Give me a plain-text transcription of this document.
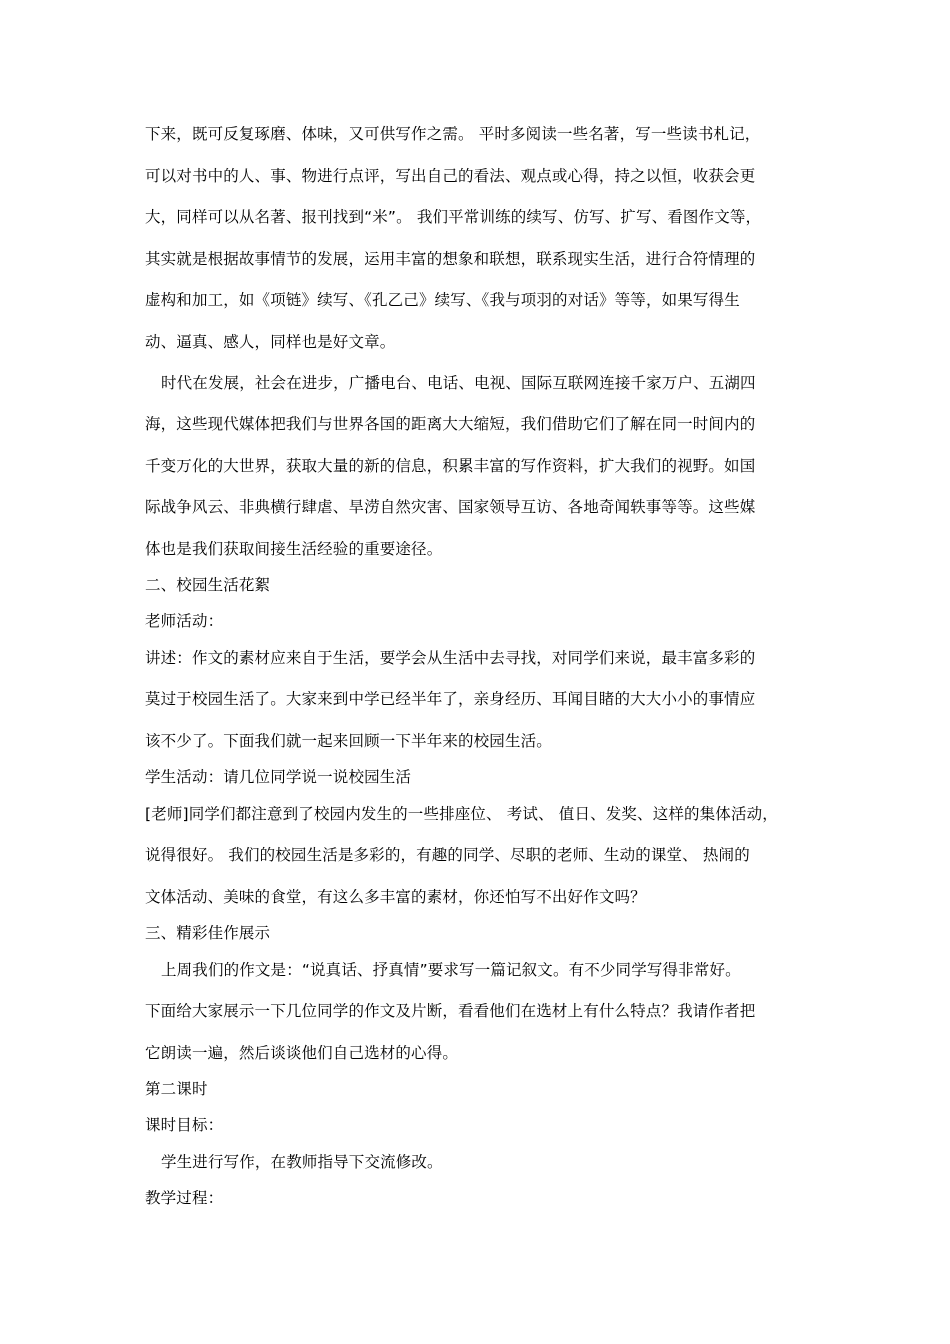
下来，既可反复琢磨、体味，又可供写作之需。 平时多阅读一些名著，写一些读书札记，
可以对书中的人、事、物进行点评，写出自己的看法、观点或心得，持之以恒，收获会更
大，同样可以从名著、报刊找到“米”。 我们平常训练的续写、仿写、扩写、看图作文等，
其实就是根据故事情节的发展，运用丰富的想象和联想，联系现实生活，进行合符情理的
虚构和加工，如《项链》续写、《孔乙己》续写、《我与项羽的对话》等等，如果写得生
动、逼真、感人，同样也是好文章。
时代在发展，社会在进步，广播电台、电话、电视、国际互联网连接千家万户、五湖四
海，这些现代媒体把我们与世界各国的距离大大缩短，我们借助它们了解在同一时间内的
千变万化的大世界，获取大量的新的信息，积累丰富的写作资料，扩大我们的视野。如国
际战争风云、非典横行肆虐、旱涝自然灾害、国家领导互访、各地奇闻轶事等等。这些媒
体也是我们获取间接生活经验的重要途径。
二、校园生活花絮
老师活动：
讲述：作文的素材应来自于生活，要学会从生活中去寻找，对同学们来说，最丰富多彩的
莫过于校园生活了。大家来到中学已经半年了，亲身经历、耳闻目睹的大大小小的事情应
该不少了。下面我们就一起来回顾一下半年来的校园生活。
学生活动：请几位同学说一说校园生活
[老师]同学们都注意到了校园内发生的一些排座位、 考试、 值日、发奖、这样的集体活动，
说得很好。 我们的校园生活是多彩的，有趣的同学、尽职的老师、生动的课堂、 热闹的
文体活动、美味的食堂，有这么多丰富的素材，你还怕写不出好作文吗？
三、精彩佳作展示
上周我们的作文是：“说真话、抒真情”要求写一篇记叙文。有不少同学写得非常好。
下面给大家展示一下几位同学的作文及片断，看看他们在选材上有什么特点？我请作者把
它朗读一遍，然后谈谈他们自己选材的心得。
第二课时
课时目标：
学生进行写作，在教师指导下交流修改。
教学过程：
